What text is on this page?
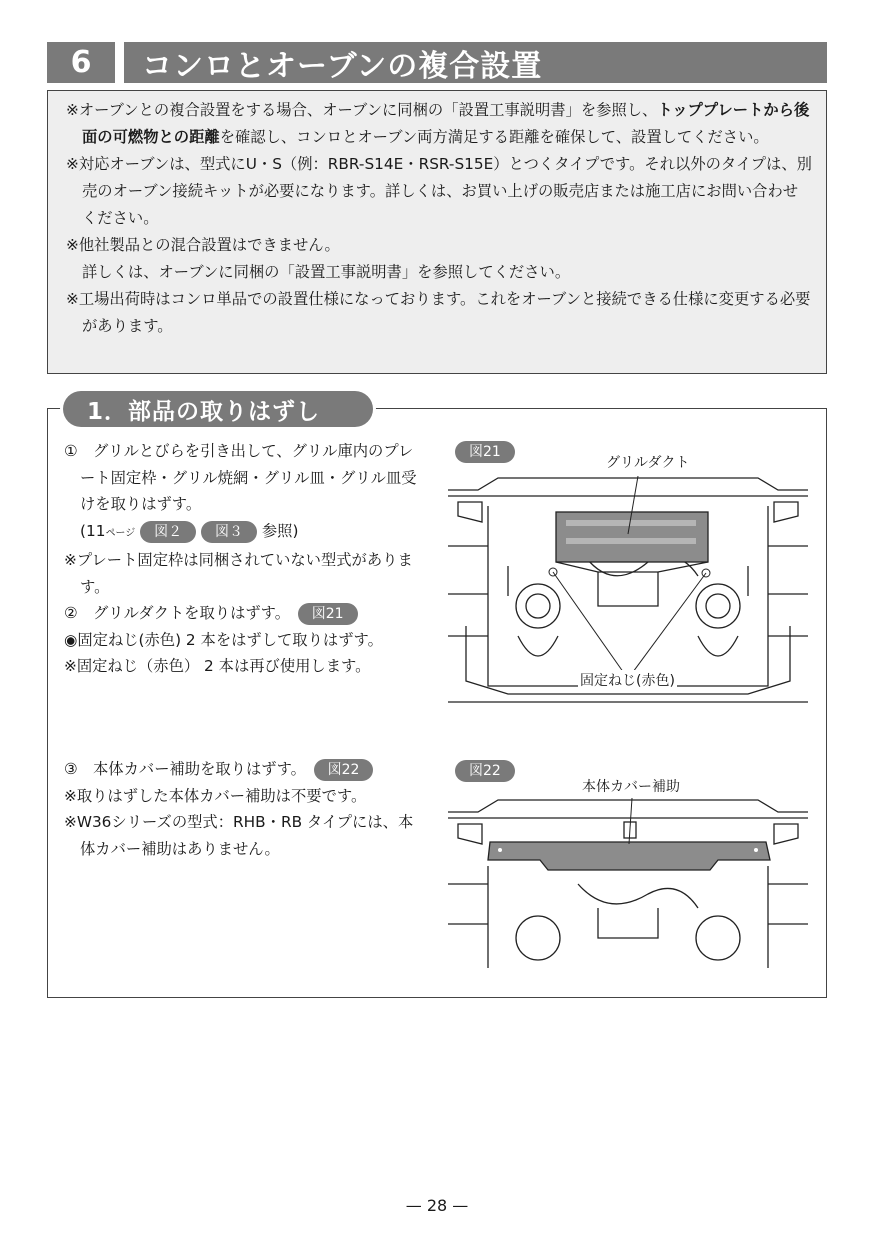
6	コンロとオーブンの複合設置
※オーブンとの複合設置をする場合、オーブンに同梱の「設置工事説明書」を参照し、トッププレートから後面の可燃物との距離を確認し、コンロとオーブン両方満足する距離を確保して、設置してください。
※対応オーブンは、型式にU・S（例：RBR-S14E・RSR-S15E）とつくタイプです。それ以外のタイプは、別売のオーブン接続キットが必要になります。詳しくは、お買い上げの販売店または施工店にお問い合わせください。
※他社製品との混合設置はできません。
詳しくは、オーブンに同梱の「設置工事説明書」を参照してください。
※工場出荷時はコンロ単品での設置仕様になっております。これをオーブンと接続できる仕様に変更する必要があります。
1．部品の取りはずし
①　グリルとびらを引き出して、グリル庫内のプレート固定枠・グリル焼網・グリル皿・グリル皿受けを取りはずす。
(11ページ 図２ 図３ 参照)
※プレート固定枠は同梱されていない型式があります。
②　グリルダクトを取りはずす。　 図21
◉固定ねじ(赤色) 2 本をはずして取りはずす。
※固定ねじ（赤色） 2 本は再び使用します。
③　本体カバー補助を取りはずす。　 図22
※取りはずした本体カバー補助は不要です。
※W36シリーズの型式：RHB・RB タイプには、本体カバー補助はありません。
図21
グリルダクト
固定ねじ(赤色)
図22
本体カバー補助
— 28 —
